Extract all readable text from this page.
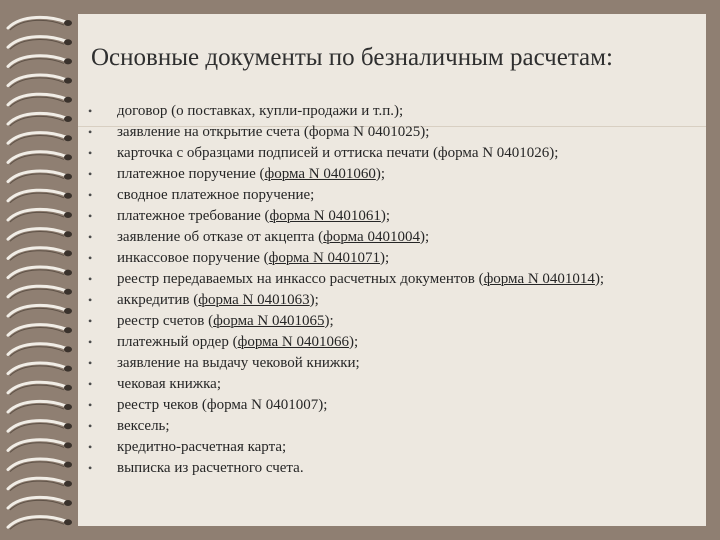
Основные документы по безналичным расчетам:
•	договор (о поставках, купли-продажи и т.п.);
•	заявление на открытие счета (форма N 0401025);
•	карточка с образцами подписей и оттиска печати (форма N 0401026);
•	платежное поручение (форма N 0401060);
•	сводное платежное поручение;
•	платежное требование (форма N 0401061);
•	заявление об отказе от акцепта (форма 0401004);
•	инкассовое поручение (форма N 0401071);
•	реестр передаваемых на инкассо расчетных документов (форма N 0401014);
•	аккредитив (форма N 0401063);
•	реестр счетов (форма N 0401065);
•	платежный ордер (форма N 0401066);
•	заявление на выдачу чековой книжки;
•	чековая книжка;
•	реестр чеков (форма N 0401007);
•	вексель;
•	кредитно-расчетная карта;
•	выписка из расчетного счета.
